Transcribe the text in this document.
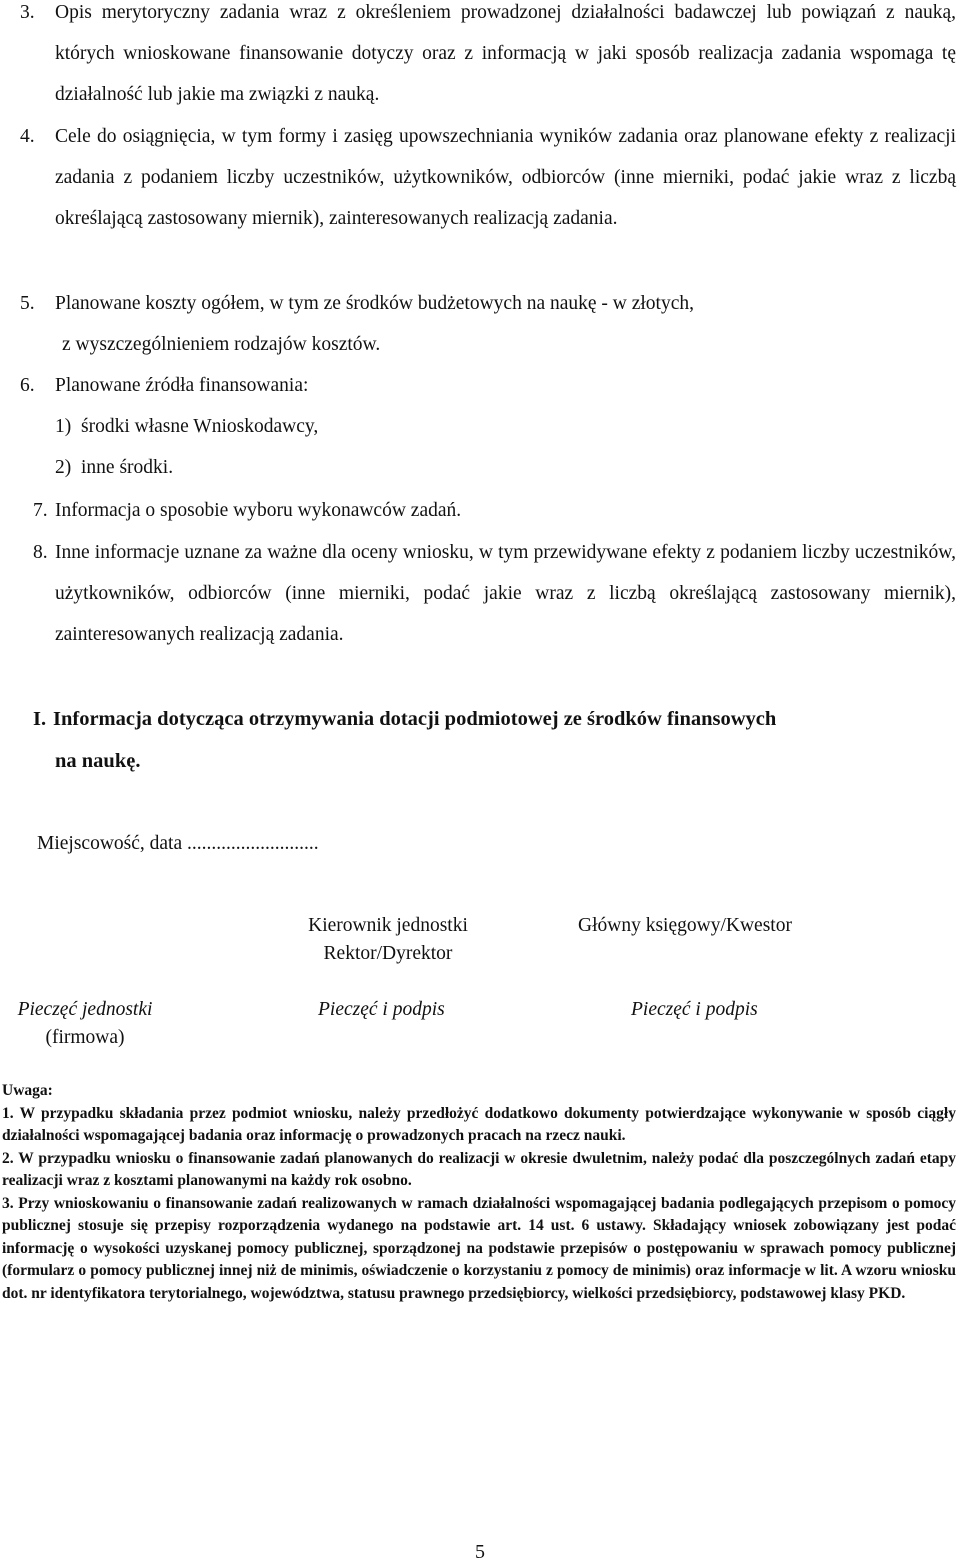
3. Opis merytoryczny zadania wraz z określeniem prowadzonej działalności badawczej lub powiązań z nauką, których wnioskowane finansowanie dotyczy oraz z informacją w jaki sposób realizacja zadania wspomaga tę działalność lub jakie ma związki z nauką.
4. Cele do osiągnięcia, w tym formy i zasięg upowszechniania wyników zadania oraz planowane efekty z realizacji zadania z podaniem liczby uczestników, użytkowników, odbiorców (inne mierniki, podać jakie wraz z liczbą określającą zastosowany miernik), zainteresowanych realizacją zadania.
5. Planowane koszty ogółem, w tym ze środków budżetowych na naukę - w złotych,
z wyszczególnieniem rodzajów kosztów.
6. Planowane źródła finansowania:
1)  środki własne Wnioskodawcy,
2)  inne środki.
7. Informacja o sposobie wyboru wykonawców zadań.
8. Inne informacje uznane za ważne dla oceny wniosku, w tym przewidywane efekty z podaniem liczby uczestników, użytkowników, odbiorców (inne mierniki, podać jakie wraz z liczbą określającą zastosowany miernik), zainteresowanych realizacją zadania.
I. Informacja dotycząca otrzymywania dotacji podmiotowej ze środków finansowych
na naukę.
Miejscowość, data ...........................
Kierownik jednostki
Rektor/Dyrektor
Główny księgowy/Kwestor
Pieczęć jednostki
(firmowa)
Pieczęć i podpis	Pieczęć i podpis
Uwaga:
1. W przypadku składania przez podmiot wniosku, należy przedłożyć dodatkowo dokumenty potwierdzające wykonywanie w sposób ciągły działalności wspomagającej badania oraz informację o prowadzonych pracach na rzecz nauki.
2. W przypadku wniosku o finansowanie zadań planowanych do realizacji w okresie dwuletnim, należy podać dla poszczególnych zadań etapy realizacji wraz z kosztami planowanymi na każdy rok osobno.
3. Przy wnioskowaniu o finansowanie zadań realizowanych w ramach działalności wspomagającej badania podlegających przepisom o pomocy publicznej stosuje się przepisy rozporządzenia wydanego na podstawie art. 14 ust. 6 ustawy. Składający wniosek zobowiązany jest podać informację o wysokości uzyskanej pomocy publicznej, sporządzonej na podstawie przepisów o postępowaniu w sprawach pomocy publicznej (formularz o pomocy publicznej innej niż de minimis, oświadczenie o korzystaniu z pomocy de minimis) oraz informacje w lit. A wzoru wniosku dot. nr identyfikatora terytorialnego, województwa, statusu prawnego przedsiębiorcy, wielkości przedsiębiorcy, podstawowej klasy PKD.
5
